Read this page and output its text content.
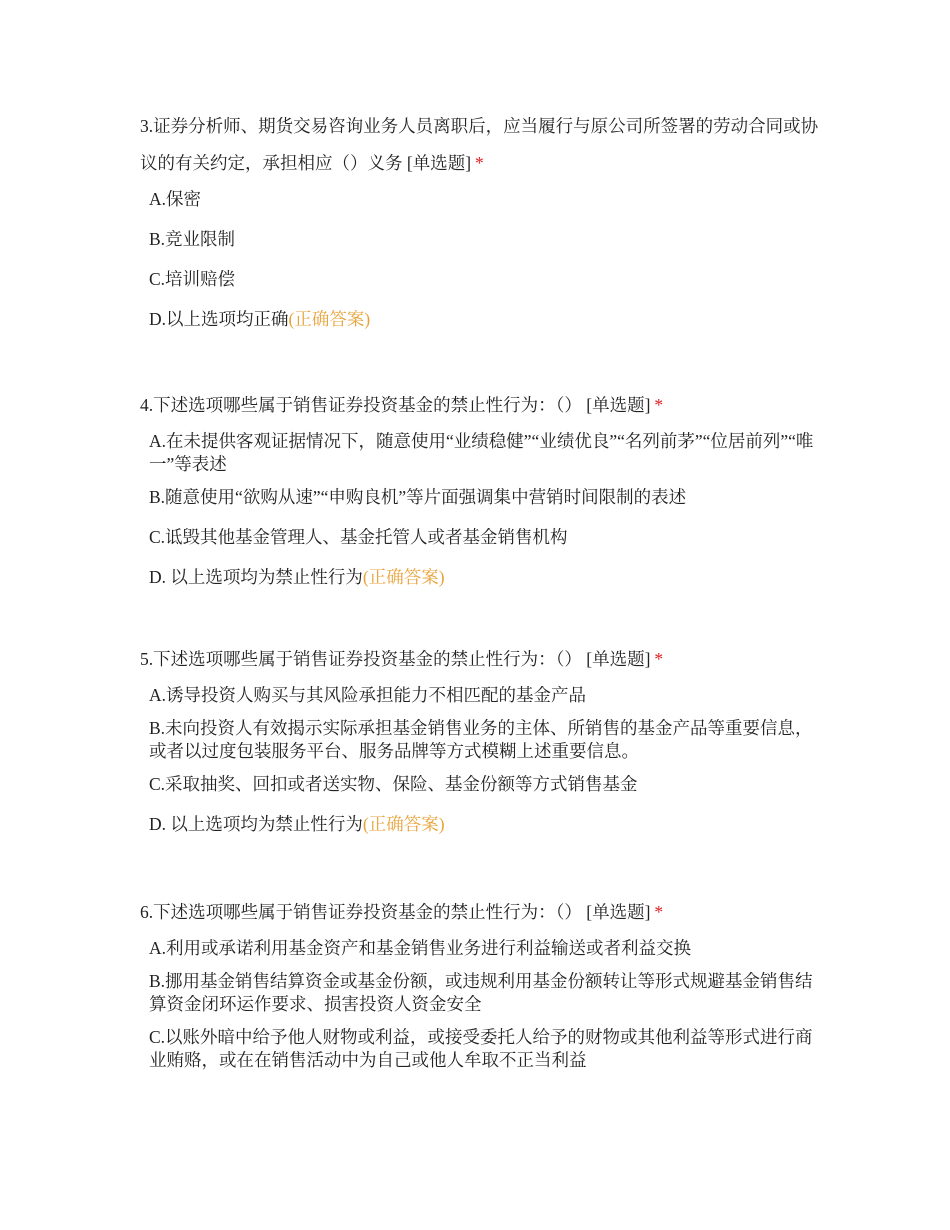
3.证券分析师、期货交易咨询业务人员离职后，应当履行与原公司所签署的劳动合同或协议的有关约定，承担相应（）义务 [单选题] *

A.保密
B.竞业限制
C.培训赔偿
D.以上选项均正确(正确答案)

4.下述选项哪些属于销售证券投资基金的禁止性行为：（） [单选题] *

A.在未提供客观证据情况下，随意使用“业绩稳健”“业绩优良”“名列前茅”“位居前列”“唯一”等表述
B.随意使用“欲购从速”“申购良机”等片面强调集中营销时间限制的表述
C.诋毁其他基金管理人、基金托管人或者基金销售机构
D. 以上选项均为禁止性行为(正确答案)

5.下述选项哪些属于销售证券投资基金的禁止性行为：（） [单选题] *

A.诱导投资人购买与其风险承担能力不相匹配的基金产品
B.未向投资人有效揭示实际承担基金销售业务的主体、所销售的基金产品等重要信息，或者以过度包装服务平台、服务品牌等方式模糊上述重要信息。
C.采取抽奖、回扣或者送实物、保险、基金份额等方式销售基金
D. 以上选项均为禁止性行为(正确答案)

6.下述选项哪些属于销售证券投资基金的禁止性行为：（） [单选题] *

A.利用或承诺利用基金资产和基金销售业务进行利益输送或者利益交换
B.挪用基金销售结算资金或基金份额，或违规利用基金份额转让等形式规避基金销售结算资金闭环运作要求、损害投资人资金安全
C.以账外暗中给予他人财物或利益，或接受委托人给予的财物或其他利益等形式进行商业贿赂，或在在销售活动中为自己或他人牟取不正当利益
